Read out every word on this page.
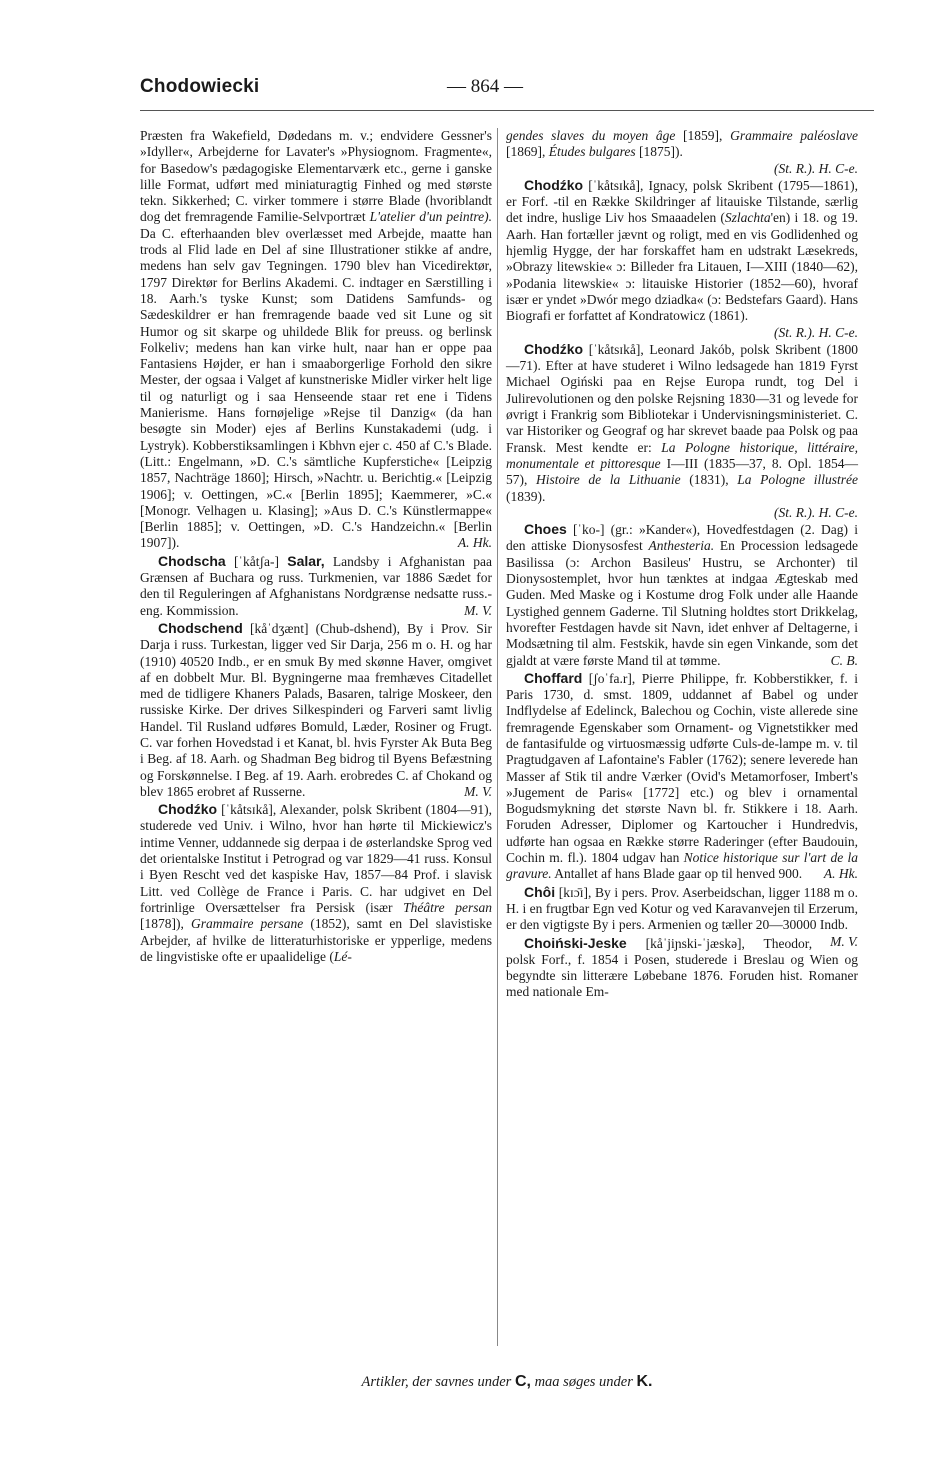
Chodowiecki	— 864 —

Præsten fra Wakefield, Dødedans m. v.; endvidere Gessner's »Idyller«, Arbejderne for Lavater's »Physiognom. Fragmente«, for Basedow's pædagogiske Elementarværk etc., gerne i ganske lille Format, udført med miniaturagtig Finhed og med største tekn. Sikkerhed; C. virker tommere i større Blade (hvoriblandt dog det fremragende Familie-Selvportræt L'atelier d'un peintre). Da C. efterhaanden blev overlæsset med Arbejde, maatte han trods al Flid lade en Del af sine Illustrationer stikke af andre, medens han selv gav Tegningen. 1790 blev han Vicedirektør, 1797 Direktør for Berlins Akademi. C. indtager en Særstilling i 18. Aarh.'s tyske Kunst; som Datidens Samfunds- og Sædeskildrer er han fremragende baade ved sit Lune og sit Humor og sit skarpe og uhildede Blik for preuss. og berlinsk Folkeliv; medens han kan virke hult, naar han er oppe paa Fantasiens Højder, er han i smaaborgerlige Forhold den sikre Mester, der ogsaa i Valget af kunstneriske Midler virker helt lige til og naturligt og i saa Henseende staar ret ene i Tidens Manierisme. Hans fornøjelige »Rejse til Danzig« (da han besøgte sin Moder) ejes af Berlins Kunstakademi (udg. i Lystryk). Kobberstiksamlingen i Kbhvn ejer c. 450 af C.'s Blade. (Litt.: Engelmann, »D. C.'s sämtliche Kupferstiche« [Leipzig 1857, Nachträge 1860]; Hirsch, »Nachtr. u. Berichtig.« [Leipzig 1906]; v. Oettingen, »C.« [Berlin 1895]; Kaemmerer, »C.« [Monogr. Velhagen u. Klasing]; »Aus D. C.'s Künstlermappe« [Berlin 1885]; v. Oettingen, »D. C.'s Handzeichn.« [Berlin 1907]).	A. Hk.

Chodscha [ˈkåtʃa-] Salar, Landsby i Afghanistan paa Grænsen af Buchara og russ. Turkmenien, var 1886 Sædet for den til Reguleringen af Afghanistans Nordgrænse nedsatte russ.-eng. Kommission.	M. V.

Chodschend [kåˈdʒænt] (Chub-dshend), By i Prov. Sir Darja i russ. Turkestan, ligger ved Sir Darja, 256 m o. H. og har (1910) 40520 Indb., er en smuk By med skønne Haver, omgivet af en dobbelt Mur. Bl. Bygningerne maa fremhæves Citadellet med de tidligere Khaners Palads, Basaren, talrige Moskeer, den russiske Kirke. Der drives Silkespinderi og Farveri samt livlig Handel. Til Rusland udføres Bomuld, Læder, Rosiner og Frugt. C. var forhen Hovedstad i et Kanat, bl. hvis Fyrster Ak Buta Beg i Beg. af 18. Aarh. og Shadman Beg bidrog til Byens Befæstning og Forskønnelse. I Beg. af 19. Aarh. erobredes C. af Chokand og blev 1865 erobret af Russerne.	M. V.

Chodźko [ˈkåtsɪkå], Alexander, polsk Skribent (1804—91), studerede ved Univ. i Wilno, hvor han hørte til Mickiewicz's intime Venner, uddannede sig derpaa i de østerlandske Sprog ved det orientalske Institut i Petrograd og var 1829—41 russ. Konsul i Byen Rescht ved det kaspiske Hav, 1857—84 Prof. i slavisk Litt. ved Collège de France i Paris. C. har udgivet en Del fortrinlige Oversættelser fra Persisk (især Théâtre persan [1878]), Grammaire persane (1852), samt en Del slavistiske Arbejder, af hvilke de litteraturhistoriske er ypperlige, medens de lingvistiske ofte er upaalidelige (Lé-

gendes slaves du moyen âge [1859], Grammaire paléoslave [1869], Études bulgares [1875]).

(St. R.). H. C-e.

Chodźko [ˈkåtsɪkå], Ignacy, polsk Skribent (1795—1861), er Forf. -til en Række Skildringer af litauiske Tilstande, særlig det indre, huslige Liv hos Smaaadelen (Szlachta'en) i 18. og 19. Aarh. Han fortæller jævnt og roligt, med en vis Godlidenhed og hjemlig Hygge, der har forskaffet ham en udstrakt Læsekreds, »Obrazy litewskie« ɔ: Billeder fra Litauen, I—XIII (1840—62), »Podania litewskie« ɔ: litauiske Historier (1852—60), hvoraf især er yndet »Dwór mego dziadka« (ɔ: Bedstefars Gaard). Hans Biografi er forfattet af Kondratowicz (1861).

(St. R.). H. C-e.

Chodźko [ˈkåtsɪkå], Leonard Jakób, polsk Skribent (1800—71). Efter at have studeret i Wilno ledsagede han 1819 Fyrst Michael Ogiński paa en Rejse Europa rundt, tog Del i Julirevolutionen og den polske Rejsning 1830—31 og levede for øvrigt i Frankrig som Bibliotekar i Undervisningsministeriet. C. var Historiker og Geograf og har skrevet baade paa Polsk og paa Fransk. Mest kendte er: La Pologne historique, littéraire, monumentale et pittoresque I—III (1835—37, 8. Opl. 1854—57), Histoire de la Lithuanie (1831), La Pologne illustrée (1839).

(St. R.). H. C-e.

Choes [ˈko-] (gr.: »Kander«), Hovedfestdagen (2. Dag) i den attiske Dionysosfest Anthesteria. En Procession ledsagede Basilissa (ɔ: Archon Basileus' Hustru, se Archonter) til Dionysostemplet, hvor hun tænktes at indgaa Ægteskab med Guden. Med Maske og i Kostume drog Folk under alle Haande Lystighed gennem Gaderne. Til Slutning holdtes stort Drikkelag, hvorefter Festdagen havde sit Navn, idet enhver af Deltagerne, i Modsætning til alm. Festskik, havde sin egen Vinkande, som det gjaldt at være første Mand til at tømme.	C. B.

Choffard [ʃoˈfa.r], Pierre Philippe, fr. Kobberstikker, f. i Paris 1730, d. smst. 1809, uddannet af Babel og under Indflydelse af Edelinck, Balechou og Cochin, viste allerede sine fremragende Egenskaber som Ornament- og Vignetstikker med de fantasifulde og virtuosmæssig udførte Culs-de-lampe m. v. til Pragtudgaven af Lafontaine's Fabler (1762); senere leverede han Masser af Stik til andre Værker (Ovid's Metamorfoser, Imbert's »Jugement de Paris« [1772] etc.) og blev i ornamental Bogudsmykning det største Navn bl. fr. Stikkere i 18. Aarh. Foruden Adresser, Diplomer og Kartoucher i Hundredvis, udførte han ogsaa en Række større Raderinger (efter Baudouin, Cochin m. fl.). 1804 udgav han Notice historique sur l'art de la gravure. Antallet af hans Blade gaar op til henved 900.	A. Hk.

Chôi [kɪɔ̄ɪ], By i pers. Prov. Aserbeidschan, ligger 1188 m o. H. i en frugtbar Egn ved Kotur og ved Karavanvejen til Erzerum, er den vigtigste By i pers. Armenien og tæller 20—30000 Indb.
M. V.

Choiński-Jeske [kåˈjiɲski-ˈjæskə], Theodor, polsk Forf., f. 1854 i Posen, studerede i Breslau og Wien og begyndte sin litterære Løbebane 1876. Foruden hist. Romaner med nationale Em-

Artikler, der savnes under C, maa søges under K.
